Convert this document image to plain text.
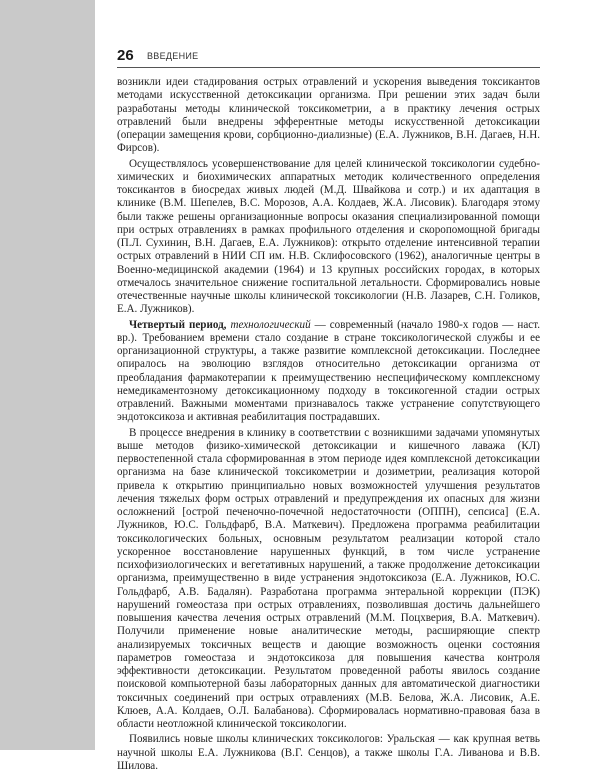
26 ВВЕДЕНИЕ

возникли идеи стадирования острых отравлений и ускорения выведения токсикантов методами искусственной детоксикации организма. При решении этих задач были разработаны методы клинической токсикометрии, а в практику лечения острых отравлений были внедрены эфферентные методы искусственной детоксикации (операции замещения крови, сорбционно-диализные) (Е.А. Лужников, В.Н. Дагаев, Н.Н. Фирсов).

Осуществлялось усовершенствование для целей клинической токсикологии судебно-химических и биохимических аппаратных методик количественного определения токсикантов в биосредах живых людей (М.Д. Швайкова и сотр.) и их адаптация в клинике (В.М. Шепелев, В.С. Морозов, А.А. Колдаев, Ж.А. Лисовик). Благодаря этому были также решены организационные вопросы оказания специализированной помощи при острых отравлениях в рамках профильного отделения и скоропомощной бригады (П.Л. Сухинин, В.Н. Дагаев, Е.А. Лужников): открыто отделение интенсивной терапии острых отравлений в НИИ СП им. Н.В. Склифосовского (1962), аналогичные центры в Военно-медицинской академии (1964) и 13 крупных российских городах, в которых отмечалось значительное снижение госпитальной летальности. Сформировались новые отечественные научные школы клинической токсикологии (Н.В. Лазарев, С.Н. Голиков, Е.А. Лужников).

Четвертый период, технологический — современный (начало 1980-х годов — наст. вр.). Требованием времени стало создание в стране токсикологической службы и ее организационной структуры, а также развитие комплексной детоксикации. Последнее опиралось на эволюцию взглядов относительно детоксикации организма от преобладания фармакотерапии к преимуществению неспецифическому комплексному немедикаментозному детоксикационному подходу в токсикогенной стадии острых отравлений. Важными моментами признавалось также устранение сопутствующего эндотоксикоза и активная реабилитация пострадавших.

В процессе внедрения в клинику в соответствии с возникшими задачами упомянутых выше методов физико-химической детоксикации и кишечного лаважа (КЛ) первостепенной стала сформированная в этом периоде идея комплексной детоксикации организма на базе клинической токсикометрии и дозиметрии, реализация которой привела к открытию принципиально новых возможностей улучшения результатов лечения тяжелых форм острых отравлений и предупреждения их опасных для жизни осложнений [острой печеночно-почечной недостаточности (ОППН), сепсиса] (Е.А. Лужников, Ю.С. Гольдфарб, В.А. Маткевич). Предложена программа реабилитации токсикологических больных, основным результатом реализации которой стало ускоренное восстановление нарушенных функций, в том числе устранение психофизиологических и вегетативных нарушений, а также продолжение детоксикации организма, преимущественно в виде устранения эндотоксикоза (Е.А. Лужников, Ю.С. Гольдфарб, А.В. Бадалян). Разработана программа энтеральной коррекции (ПЭК) нарушений гомеостаза при острых отравлениях, позволившая достичь дальнейшего повышения качества лечения острых отравлений (М.М. Поцхверия, В.А. Маткевич). Получили применение новые аналитические методы, расширяющие спектр анализируемых токсичных веществ и дающие возможность оценки состояния параметров гомеостаза и эндотоксикоза для повышения качества контроля эффективности детоксикации. Результатом проведенной работы явилось создание поисковой компьютерной базы лабораторных данных для автоматической диагностики токсичных соединений при острых отравлениях (М.В. Белова, Ж.А. Лисовик, А.Е. Клюев, А.А. Колдаев, О.Л. Балабанова). Сформировалась нормативно-правовая база в области неотложной клинической токсикологии.

Появились новые школы клинических токсикологов: Уральская — как крупная ветвь научной школы Е.А. Лужникова (В.Г. Сенцов), а также школы Г.А. Ливанова и В.В. Шилова.
